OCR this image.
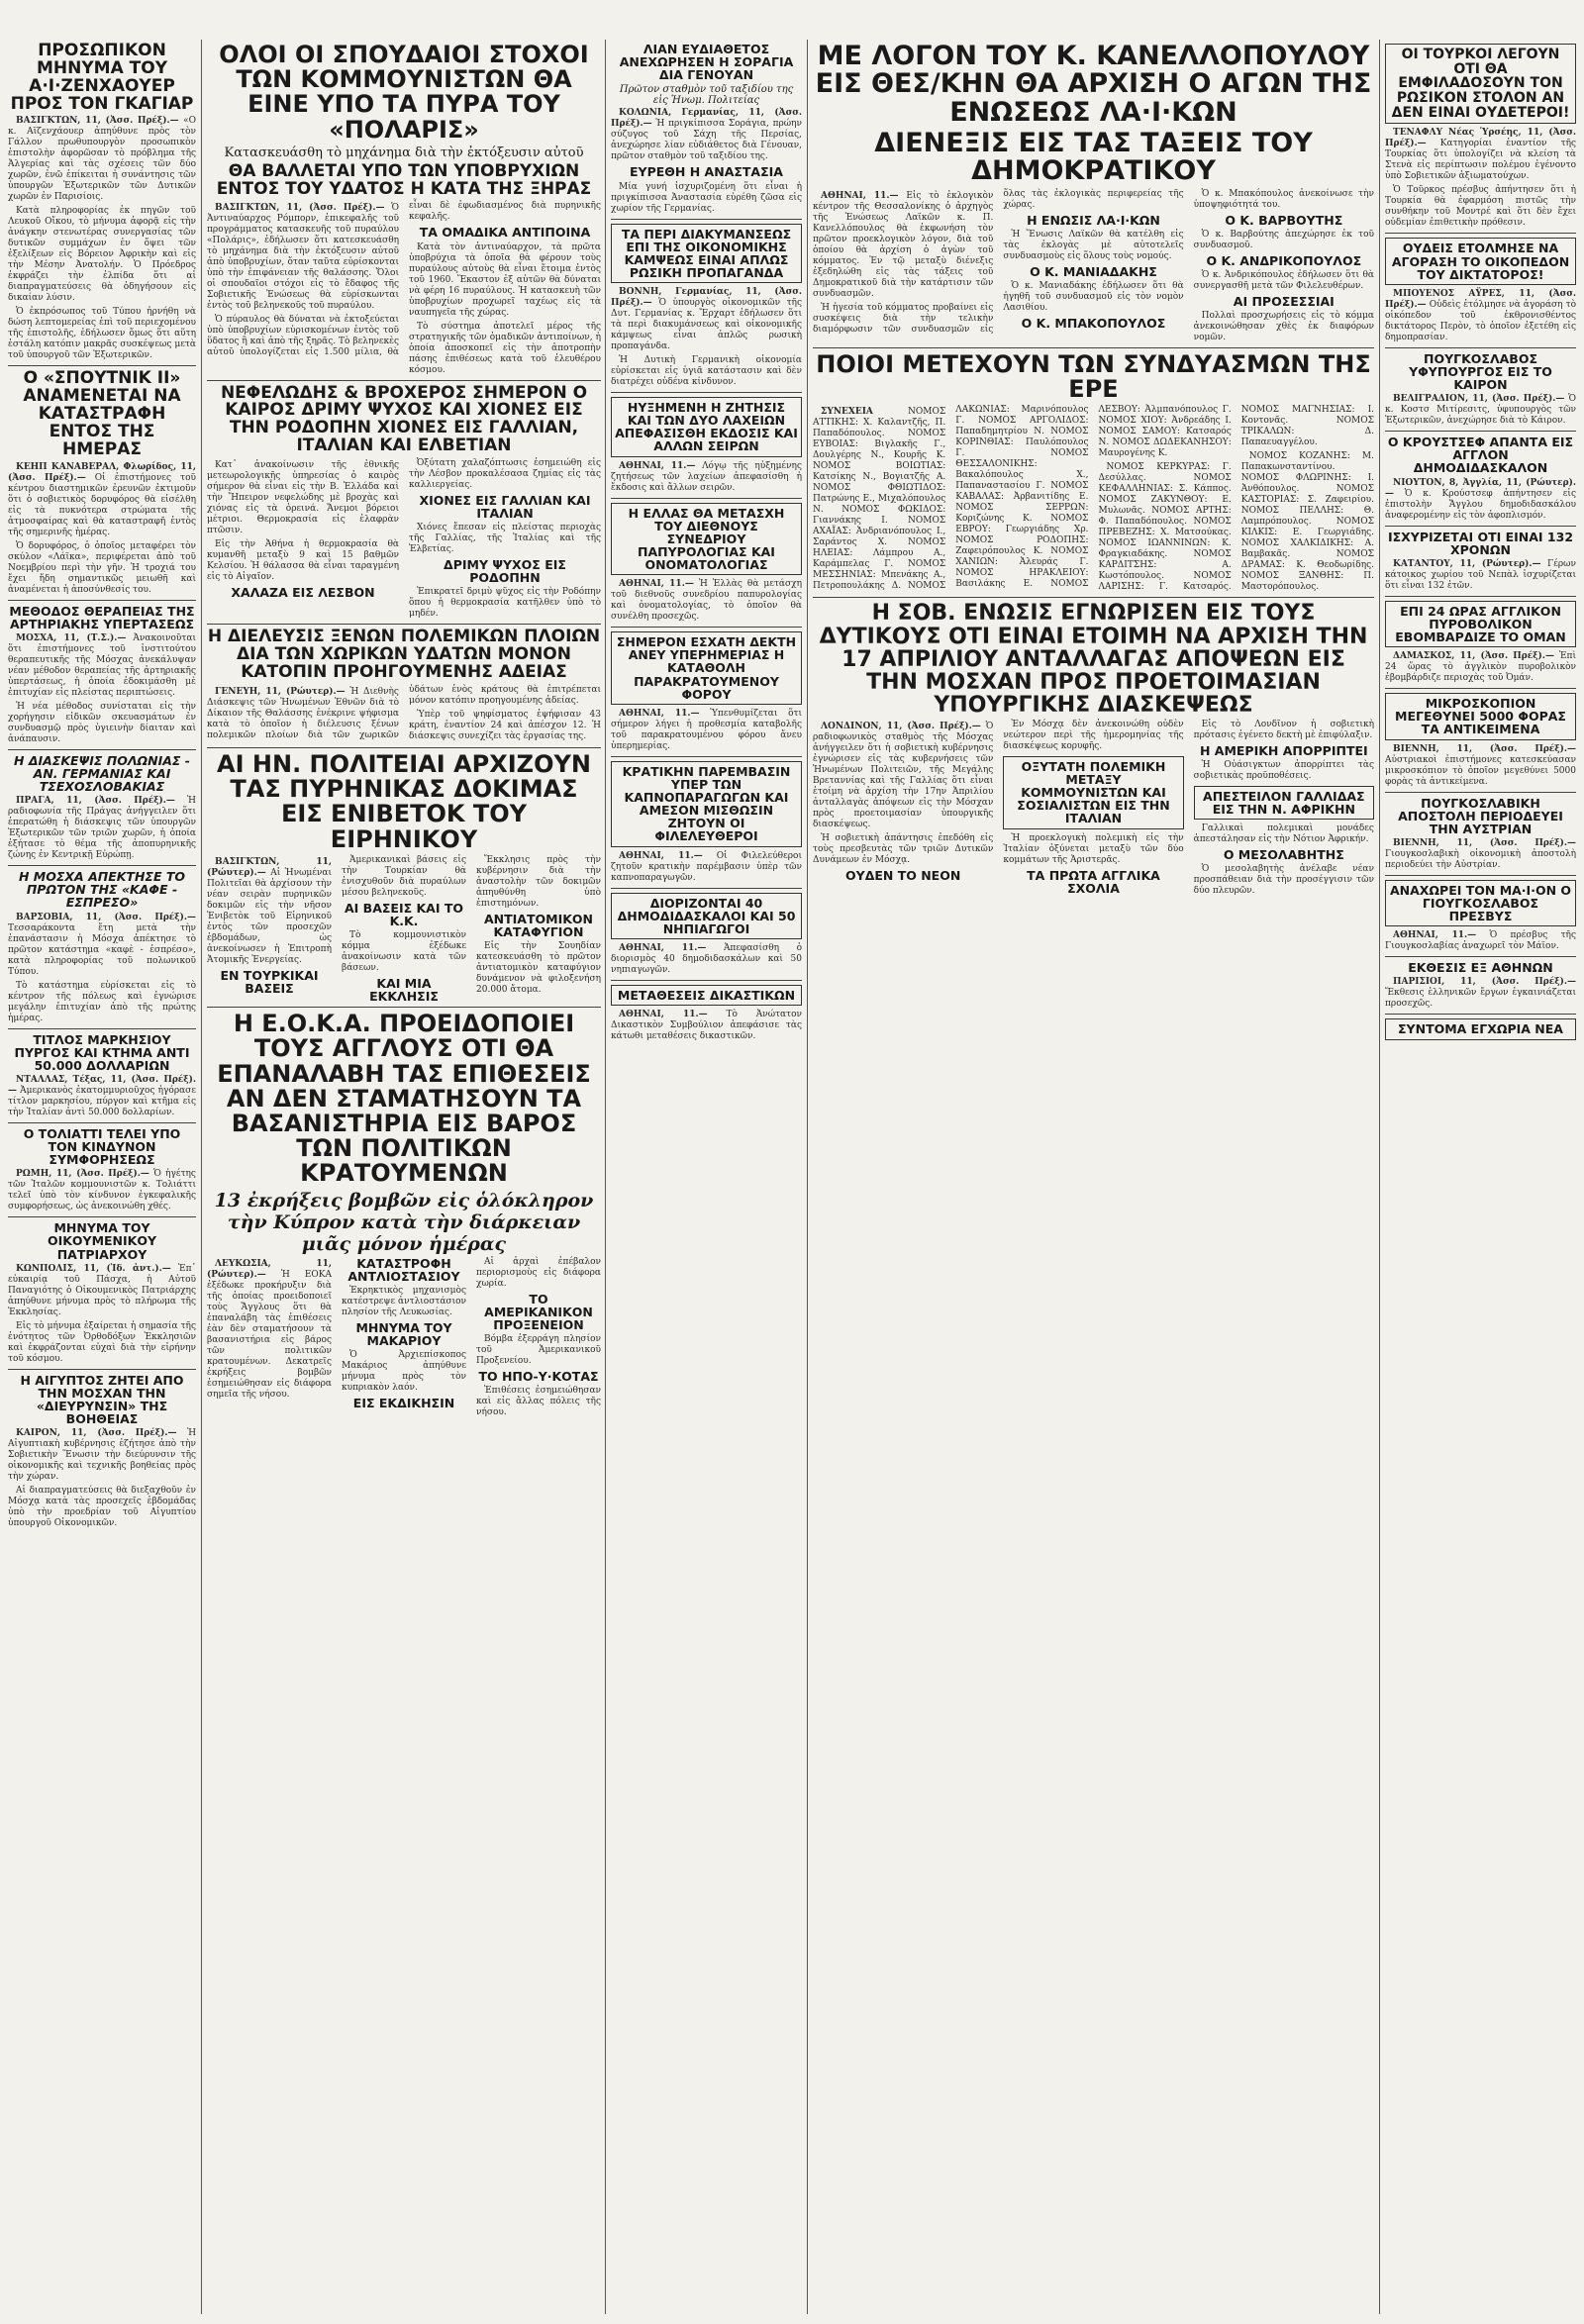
ΠΡΟΣΩΠΙΚΟΝ ΜΗΝΥΜΑ ΤΟΥ Α·Ι·ΖΕΝΧΑΟΥΕΡ ΠΡΟΣ ΤΟΝ ΓΚΑΓΙΑΡ

ΒΑΣΙΓΚΤΩΝ, 11, (Ἀσσ. Πρέξ).— «Ο κ. Αϊζενχάουερ ἀπηύθυνε πρὸς τὸν Γάλλον πρωθυπουργὸν προσωπικὸν ἐπιστολὴν ἀφορῶσαν τὸ πρόβλημα τῆς Ἀλγερίας καὶ τὰς σχέσεις τῶν δύο χωρῶν, ἐνῶ ἐπίκειται ἡ συνάντησις τῶν ὑπουργῶν Ἐξωτερικῶν τῶν Δυτικῶν χωρῶν ἐν Παρισίοις.

Κατὰ πληροφορίας ἐκ πηγῶν τοῦ Λευκοῦ Οἴκου, τὸ μήνυμα ἀφορᾷ εἰς τὴν ἀνάγκην στενωτέρας συνεργασίας τῶν δυτικῶν συμμάχων ἐν ὄψει τῶν ἐξελίξεων εἰς Βόρειον Ἀφρικὴν καὶ εἰς τὴν Μέσην Ἀνατολήν. Ὁ Πρόεδρος ἐκφράζει τὴν ἐλπίδα ὅτι αἱ διαπραγματεύσεις θὰ ὁδηγήσουν εἰς δικαίαν λύσιν.

Ὁ ἐκπρόσωπος τοῦ Τύπου ἠρνήθη νὰ δώση λεπτομερείας ἐπὶ τοῦ περιεχομένου τῆς ἐπιστολῆς, ἐδήλωσεν ὅμως ὅτι αὕτη ἐστάλη κατόπιν μακρᾶς συσκέψεως μετὰ τοῦ ὑπουργοῦ τῶν Ἐξωτερικῶν.

Ο «ΣΠΟΥΤΝΙΚ ΙΙ» ΑΝΑΜΕΝΕΤΑΙ ΝΑ ΚΑΤΑΣΤΡΑΦΗ ΕΝΤΟΣ ΤΗΣ ΗΜΕΡΑΣ

ΚΕΗΠ ΚΑΝΑΒΕΡΑΛ, Φλωρίδος, 11, (Ἀσσ. Πρέξ).— Οἱ ἐπιστήμονες τοῦ κέντρου διαστημικῶν ἐρευνῶν ἐκτιμοῦν ὅτι ὁ σοβιετικὸς δορυφόρος θὰ εἰσέλθη εἰς τὰ πυκνότερα στρώματα τῆς ἀτμοσφαίρας καὶ θὰ καταστραφῆ ἐντὸς τῆς σημερινῆς ἡμέρας.

Ὁ δορυφόρος, ὁ ὁποῖος μεταφέρει τὸν σκύλον «Λάϊκα», περιφέρεται ἀπὸ τοῦ Νοεμβρίου περὶ τὴν γῆν. Ἡ τροχιά του ἔχει ἤδη σημαντικῶς μειωθῆ καὶ ἀναμένεται ἡ ἀποσύνθεσίς του.

ΜΕΘΟΔΟΣ ΘΕΡΑΠΕΙΑΣ ΤΗΣ ΑΡΤΗΡΙΑΚΗΣ ΥΠΕΡΤΑΣΕΩΣ

ΜΟΣΧΑ, 11, (Τ.Σ.).— Ἀνακοινοῦται ὅτι ἐπιστήμονες τοῦ ἰνστιτούτου θεραπευτικῆς τῆς Μόσχας ἀνεκάλυψαν νέαν μέθοδον θεραπείας τῆς ἀρτηριακῆς ὑπερτάσεως, ἡ ὁποία ἐδοκιμάσθη μὲ ἐπιτυχίαν εἰς πλείστας περιπτώσεις.

Ἡ νέα μέθοδος συνίσταται εἰς τὴν χορήγησιν εἰδικῶν σκευασμάτων ἐν συνδυασμῷ πρὸς ὑγιεινὴν δίαιταν καὶ ἀνάπαυσιν.

Η ΔΙΑΣΚΕΨΙΣ ΠΟΛΩΝΙΑΣ - ΑΝ. ΓΕΡΜΑΝΙΑΣ ΚΑΙ ΤΣΕΧΟΣΛΟΒΑΚΙΑΣ

ΠΡΑΓΑ, 11, (Ἀσσ. Πρέξ).— Ἡ ραδιοφωνία τῆς Πράγας ἀνήγγειλεν ὅτι ἐπερατώθη ἡ διάσκεψις τῶν ὑπουργῶν Ἐξωτερικῶν τῶν τριῶν χωρῶν, ἡ ὁποία ἐξήτασε τὸ θέμα τῆς ἀποπυρηνικῆς ζώνης ἐν Κεντρικῇ Εὐρώπῃ.

Η ΜΟΣΧΑ ΑΠΕΚΤΗΣΕ ΤΟ ΠΡΩΤΟΝ ΤΗΣ «ΚΑΦΕ - ΕΣΠΡΕΣΟ»

ΒΑΡΣΟΒΙΑ, 11, (Ἀσσ. Πρέξ).— Τεσσαράκοντα ἔτη μετὰ τὴν ἐπανάστασιν ἡ Μόσχα ἀπέκτησε τὸ πρῶτον κατάστημα «καφὲ - ἐσπρέσο», κατὰ πληροφορίας τοῦ πολωνικοῦ Τύπου.

Τὸ κατάστημα εὑρίσκεται εἰς τὸ κέντρον τῆς πόλεως καὶ ἐγνώρισε μεγάλην ἐπιτυχίαν ἀπὸ τῆς πρώτης ἡμέρας.

ΤΙΤΛΟΣ ΜΑΡΚΗΣΙΟΥ ΠΥΡΓΟΣ ΚΑΙ ΚΤΗΜΑ ΑΝΤΙ 50.000 ΔΟΛΛΑΡΙΩΝ

ΝΤΑΛΛΑΣ, Τέξας, 11, (Ἀσσ. Πρέξ).— Ἀμερικανὸς ἐκατομμυριοῦχος ἠγόρασε τίτλον μαρκησίου, πύργον καὶ κτῆμα εἰς τὴν Ἰταλίαν ἀντὶ 50.000 δολλαρίων.

Ο ΤΟΛΙΑΤΤΙ ΤΕΛΕΙ ΥΠΟ ΤΟΝ ΚΙΝΔΥΝΟΝ ΣΥΜΦΟΡΗΣΕΩΣ

ΡΩΜΗ, 11, (Ἀσσ. Πρέξ).— Ὁ ἡγέτης τῶν Ἰταλῶν κομμουνιστῶν κ. Τολιάττι τελεῖ ὑπὸ τὸν κίνδυνον ἐγκεφαλικῆς συμφορήσεως, ὡς ἀνεκοινώθη χθές.

ΜΗΝΥΜΑ ΤΟΥ ΟΙΚΟΥΜΕΝΙΚΟΥ ΠΑΤΡΙΑΡΧΟΥ

ΚΩΝΠΟΛΙΣ, 11, (Ἰδ. ἀντ.).— Ἐπ᾽ εὐκαιρίᾳ τοῦ Πάσχα, ἡ Αὐτοῦ Παναγιότης ὁ Οἰκουμενικὸς Πατριάρχης ἀπηύθυνε μήνυμα πρὸς τὸ πλήρωμα τῆς Ἐκκλησίας.

Εἰς τὸ μήνυμα ἐξαίρεται ἡ σημασία τῆς ἑνότητος τῶν Ὀρθοδόξων Ἐκκλησιῶν καὶ ἐκφράζονται εὐχαὶ διὰ τὴν εἰρήνην τοῦ κόσμου.

Η ΑΙΓΥΠΤΟΣ ΖΗΤΕΙ ΑΠΟ ΤΗΝ ΜΟΣΧΑΝ ΤΗΝ «ΔΙΕΥΡΥΝΣΙΝ» ΤΗΣ ΒΟΗΘΕΙΑΣ

ΚΑΙΡΟΝ, 11, (Ἀσσ. Πρέξ).— Ἡ Αἰγυπτιακὴ κυβέρνησις ἐζήτησε ἀπὸ τὴν Σοβιετικὴν Ἕνωσιν τὴν διεύρυνσιν τῆς οἰκονομικῆς καὶ τεχνικῆς βοηθείας πρὸς τὴν χώραν.

Αἱ διαπραγματεύσεις θὰ διεξαχθοῦν ἐν Μόσχᾳ κατὰ τὰς προσεχεῖς ἑβδομάδας ὑπὸ τὴν προεδρίαν τοῦ Αἰγυπτίου ὑπουργοῦ Οἰκονομικῶν.

ΟΛΟΙ ΟΙ ΣΠΟΥΔΑΙΟΙ ΣΤΟΧΟΙ ΤΩΝ ΚΟΜΜΟΥΝΙΣΤΩΝ ΘΑ ΕΙΝΕ ΥΠΟ ΤΑ ΠΥΡΑ ΤΟΥ «ΠΟΛΑΡΙΣ»
Κατασκευάσθη τὸ μηχάνημα διὰ τὴν ἐκτόξευσιν αὐτοῦ
ΘΑ ΒΑΛΛΕΤΑΙ ΥΠΟ ΤΩΝ ΥΠΟΒΡΥΧΙΩΝ ΕΝΤΟΣ ΤΟΥ ΥΔΑΤΟΣ Η ΚΑΤΑ ΤΗΣ ΞΗΡΑΣ

ΒΑΣΙΓΚΤΩΝ, 11, (Ἀσσ. Πρέξ).— Ὁ Ἀντιναύαρχος Ρόμπορν, ἐπικεφαλῆς τοῦ προγράμματος κατασκευῆς τοῦ πυραύλου «Πολάρις», ἐδήλωσεν ὅτι κατεσκευάσθη τὸ μηχάνημα διὰ τὴν ἐκτόξευσιν αὐτοῦ ἀπὸ ὑποβρυχίων, ὅταν ταῦτα εὑρίσκονται ὑπὸ τὴν ἐπιφάνειαν τῆς θαλάσσης. Ὅλοι οἱ σπουδαῖοι στόχοι εἰς τὸ ἔδαφος τῆς Σοβιετικῆς Ἑνώσεως θὰ εὑρίσκωνται ἐντὸς τοῦ βεληνεκοῦς τοῦ πυραύλου.

Ὁ πύραυλος θὰ δύναται νὰ ἐκτοξεύεται ὑπὸ ὑποβρυχίων εὑρισκομένων ἐντὸς τοῦ ὕδατος ἢ καὶ ἀπὸ τῆς ξηρᾶς. Τὸ βεληνεκὲς αὐτοῦ ὑπολογίζεται εἰς 1.500 μίλια, θὰ εἶναι δὲ ἐφωδιασμένος διὰ πυρηνικῆς κεφαλῆς.

ΤΑ ΟΜΑΔΙΚΑ ΑΝΤΙΠΟΙΝΑ

Κατὰ τὸν ἀντιναύαρχον, τὰ πρῶτα ὑποβρύχια τὰ ὁποῖα θὰ φέρουν τοὺς πυραύλους αὐτοὺς θὰ εἶναι ἕτοιμα ἐντὸς τοῦ 1960. Ἕκαστον ἐξ αὐτῶν θὰ δύναται νὰ φέρη 16 πυραύλους. Ἡ κατασκευὴ τῶν ὑποβρυχίων προχωρεῖ ταχέως εἰς τὰ ναυπηγεῖα τῆς χώρας.

Τὸ σύστημα ἀποτελεῖ μέρος τῆς στρατηγικῆς τῶν ὁμαδικῶν ἀντιποίνων, ἡ ὁποία ἀποσκοπεῖ εἰς τὴν ἀποτροπὴν πάσης ἐπιθέσεως κατὰ τοῦ ἐλευθέρου κόσμου.

ΝΕΦΕΛΩΔΗΣ & ΒΡΟΧΕΡΟΣ ΣΗΜΕΡΟΝ Ο ΚΑΙΡΟΣ ΔΡΙΜΥ ΨΥΧΟΣ ΚΑΙ ΧΙΟΝΕΣ ΕΙΣ ΤΗΝ ΡΟΔΟΠΗΝ ΧΙΟΝΕΣ ΕΙΣ ΓΑΛΛΙΑΝ, ΙΤΑΛΙΑΝ ΚΑΙ ΕΛΒΕΤΙΑΝ

Κατ᾽ ἀνακοίνωσιν τῆς ἐθνικῆς μετεωρολογικῆς ὑπηρεσίας ὁ καιρὸς σήμερον θὰ εἶναι εἰς τὴν Β. Ἑλλάδα καὶ τὴν Ἤπειρον νεφελώδης μὲ βροχὰς καὶ χιόνας εἰς τὰ ὀρεινά. Ἄνεμοι βόρειοι μέτριοι. Θερμοκρασία εἰς ἐλαφρὰν πτῶσιν.

Εἰς τὴν Ἀθήνα ἡ θερμοκρασία θὰ κυμανθῆ μεταξὺ 9 καὶ 15 βαθμῶν Κελσίου. Ἡ θάλασσα θὰ εἶναι ταραγμένη εἰς τὸ Αἰγαῖον.

ΧΑΛΑΖΑ ΕΙΣ ΛΕΣΒΟΝ

Ὀξύτατη χαλαζόπτωσις ἐσημειώθη εἰς τὴν Λέσβον προκαλέσασα ζημίας εἰς τὰς καλλιεργείας.

ΧΙΟΝΕΣ ΕΙΣ ΓΑΛΛΙΑΝ ΚΑΙ ΙΤΑΛΙΑΝ

Χιόνες ἔπεσαν εἰς πλείστας περιοχὰς τῆς Γαλλίας, τῆς Ἰταλίας καὶ τῆς Ἑλβετίας.

ΔΡΙΜΥ ΨΥΧΟΣ ΕΙΣ ΡΟΔΟΠΗΝ

Ἐπικρατεῖ δριμὺ ψῦχος εἰς τὴν Ροδόπην ὅπου ἡ θερμοκρασία κατῆλθεν ὑπὸ τὸ μηδέν.

Η ΔΙΕΛΕΥΣΙΣ ΞΕΝΩΝ ΠΟΛΕΜΙΚΩΝ ΠΛΟΙΩΝ ΔΙΑ ΤΩΝ ΧΩΡΙΚΩΝ ΥΔΑΤΩΝ ΜΟΝΟΝ ΚΑΤΟΠΙΝ ΠΡΟΗΓΟΥΜΕΝΗΣ ΑΔΕΙΑΣ

ΓΕΝΕΥΗ, 11, (Ρώυτερ).— Ἡ Διεθνὴς Διάσκεψις τῶν Ἡνωμένων Ἐθνῶν διὰ τὸ Δίκαιον τῆς Θαλάσσης ἐνέκρινε ψήφισμα κατὰ τὸ ὁποῖον ἡ διέλευσις ξένων πολεμικῶν πλοίων διὰ τῶν χωρικῶν ὑδάτων ἑνὸς κράτους θὰ ἐπιτρέπεται μόνον κατόπιν προηγουμένης ἀδείας.

Ὑπὲρ τοῦ ψηφίσματος ἐψήφισαν 43 κράτη, ἐναντίον 24 καὶ ἀπέσχον 12. Ἡ διάσκεψις συνεχίζει τὰς ἐργασίας της.

ΑΙ ΗΝ. ΠΟΛΙΤΕΙΑΙ ΑΡΧΙΖΟΥΝ ΤΑΣ ΠΥΡΗΝΙΚΑΣ ΔΟΚΙΜΑΣ ΕΙΣ ΕΝΙΒΕΤΟΚ ΤΟΥ ΕΙΡΗΝΙΚΟΥ

ΒΑΣΙΓΚΤΩΝ, 11, (Ρώυτερ).— Αἱ Ἡνωμέναι Πολιτεῖαι θὰ ἀρχίσουν τὴν νέαν σειρὰν πυρηνικῶν δοκιμῶν εἰς τὴν νῆσον Ἐνιβετὸκ τοῦ Εἰρηνικοῦ ἐντὸς τῶν προσεχῶν ἑβδομάδων, ὡς ἀνεκοίνωσεν ἡ Ἐπιτροπὴ Ἀτομικῆς Ἐνεργείας.

ΕΝ ΤΟΥΡΚΙΚΑΙ ΒΑΣΕΙΣ

Ἀμερικανικαὶ βάσεις εἰς τὴν Τουρκίαν θὰ ἐνισχυθοῦν διὰ πυραύλων μέσου βεληνεκοῦς.

ΑΙ ΒΑΣΕΙΣ ΚΑΙ ΤΟ Κ.Κ.

Τὸ κομμουνιστικὸν κόμμα ἐξέδωκε ἀνακοίνωσιν κατὰ τῶν βάσεων.

ΚΑΙ ΜΙΑ ΕΚΚΛΗΣΙΣ

Ἔκκλησις πρὸς τὴν κυβέρνησιν διὰ τὴν ἀναστολὴν τῶν δοκιμῶν ἀπηυθύνθη ὑπὸ ἐπιστημόνων.

ΑΝΤΙΑΤΟΜΙΚΟΝ ΚΑΤΑΦΥΓΙΟΝ

Εἰς τὴν Σουηδίαν κατεσκευάσθη τὸ πρῶτον ἀντιατομικὸν καταφύγιον δυνάμενον νὰ φιλοξενήση 20.000 ἄτομα.

Η Ε.Ο.Κ.Α. ΠΡΟΕΙΔΟΠΟΙΕΙ ΤΟΥΣ ΑΓΓΛΟΥΣ ΟΤΙ ΘΑ ΕΠΑΝΑΛΑΒΗ ΤΑΣ ΕΠΙΘΕΣΕΙΣ ΑΝ ΔΕΝ ΣΤΑΜΑΤΗΣΟΥΝ ΤΑ ΒΑΣΑΝΙΣΤΗΡΙΑ ΕΙΣ ΒΑΡΟΣ ΤΩΝ ΠΟΛΙΤΙΚΩΝ ΚΡΑΤΟΥΜΕΝΩΝ
13 ἐκρήξεις βομβῶν εἰς ὁλόκληρον τὴν Κύπρον κατὰ τὴν διάρκειαν μιᾶς μόνον ἡμέρας

ΛΕΥΚΩΣΙΑ, 11, (Ρώυτερ).— Ἡ ΕΟΚΑ ἐξέδωκε προκήρυξιν διὰ τῆς ὁποίας προειδοποιεῖ τοὺς Ἄγγλους ὅτι θὰ ἐπαναλάβη τὰς ἐπιθέσεις ἐὰν δὲν σταματήσουν τὰ βασανιστήρια εἰς βάρος τῶν πολιτικῶν κρατουμένων. Δεκατρεῖς ἐκρήξεις βομβῶν ἐσημειώθησαν εἰς διάφορα σημεῖα τῆς νήσου.

ΚΑΤΑΣΤΡΟΦΗ ΑΝΤΛΙΟΣΤΑΣΙΟΥ

Ἐκρηκτικὸς μηχανισμὸς κατέστρεψε ἀντλιοστάσιον πλησίον τῆς Λευκωσίας.

ΜΗΝΥΜΑ ΤΟΥ ΜΑΚΑΡΙΟΥ

Ὁ Ἀρχιεπίσκοπος Μακάριος ἀπηύθυνε μήνυμα πρὸς τὸν κυπριακὸν λαόν.

ΕΙΣ ΕΚΔΙΚΗΣΙΝ

Αἱ ἀρχαὶ ἐπέβαλον περιορισμοὺς εἰς διάφορα χωρία.

ΤΟ ΑΜΕΡΙΚΑΝΙΚΟΝ ΠΡΟΞΕΝΕΙΟΝ

Βόμβα ἐξερράγη πλησίον τοῦ Ἀμερικανικοῦ Προξενείου.

ΤΟ ΗΠΟ-Υ·ΚΟΤΑΣ

Ἐπιθέσεις ἐσημειώθησαν καὶ εἰς ἄλλας πόλεις τῆς νήσου.

ΛΙΑΝ ΕΥΔΙΑΘΕΤΟΣ ΑΝΕΧΩΡΗΣΕΝ Η ΣΟΡΑΓΙΑ ΔΙΑ ΓΕΝΟΥΑΝ
Πρῶτον σταθμὸν τοῦ ταξιδίου της εἰς Ἡνωμ. Πολιτείας

ΚΟΛΩΝΙΑ, Γερμανίας, 11, (Ἀσσ. Πρέξ).— Ἡ πριγκίπισσα Σοράγια, πρώην σύζυγος τοῦ Σάχη τῆς Περσίας, ἀνεχώρησε λίαν εὐδιάθετος διὰ Γένουαν, πρῶτον σταθμὸν τοῦ ταξιδίου της.

ΕΥΡΕΘΗ Η ΑΝΑΣΤΑΣΙΑ

Μία γυνή ἰσχυριζομένη ὅτι εἶναι ἡ πριγκίπισσα Ἀναστασία εὑρέθη ζῶσα εἰς χωρίον τῆς Γερμανίας.

ΤΑ ΠΕΡΙ ΔΙΑΚΥΜΑΝΣΕΩΣ ΕΠΙ ΤΗΣ ΟΙΚΟΝΟΜΙΚΗΣ ΚΑΜΨΕΩΣ ΕΙΝΑΙ ΑΠΛΩΣ ΡΩΣΙΚΗ ΠΡΟΠΑΓΑΝΔΑ

ΒΟΝΝΗ, Γερμανίας, 11, (Ἀσσ. Πρέξ).— Ὁ ὑπουργὸς οἰκονομικῶν τῆς Δυτ. Γερμανίας κ. Ἔρχαρτ ἐδήλωσεν ὅτι τὰ περὶ διακυμάνσεως καὶ οἰκονομικῆς κάμψεως εἶναι ἁπλῶς ρωσικὴ προπαγάνδα.

Ἡ Δυτικὴ Γερμανικὴ οἰκονομία εὑρίσκεται εἰς ὑγιᾶ κατάστασιν καὶ δὲν διατρέχει οὐδένα κίνδυνον.

ΗΥΞΗΜΕΝΗ Η ΖΗΤΗΣΙΣ ΚΑΙ ΤΩΝ ΔΥΟ ΛΑΧΕΙΩΝ ΑΠΕΦΑΣΙΣΘΗ ΕΚΔΟΣΙΣ ΚΑΙ ΑΛΛΩΝ ΣΕΙΡΩΝ

ΑΘΗΝΑΙ, 11.— Λόγῳ τῆς ηὐξημένης ζητήσεως τῶν λαχείων ἀπεφασίσθη ἡ ἔκδοσις καὶ ἄλλων σειρῶν.

Η ΕΛΛΑΣ ΘΑ ΜΕΤΑΣΧΗ ΤΟΥ ΔΙΕΘΝΟΥΣ ΣΥΝΕΔΡΙΟΥ ΠΑΠΥΡΟΛΟΓΙΑΣ ΚΑΙ ΟΝΟΜΑΤΟΛΟΓΙΑΣ

ΑΘΗΝΑΙ, 11.— Ἡ Ἑλλὰς θὰ μετάσχη τοῦ διεθνοῦς συνεδρίου παπυρολογίας καὶ ὀνοματολογίας, τὸ ὁποῖον θὰ συνέλθη προσεχῶς.

ΣΗΜΕΡΟΝ ΕΣΧΑΤΗ ΔΕΚΤΗ ΑΝΕΥ ΥΠΕΡΗΜΕΡΙΑΣ Η ΚΑΤΑΘΟΛΗ ΠΑΡΑΚΡΑΤΟΥΜΕΝΟΥ ΦΟΡΟΥ

ΑΘΗΝΑΙ, 11.— Ὑπενθυμίζεται ὅτι σήμερον λήγει ἡ προθεσμία καταβολῆς τοῦ παρακρατουμένου φόρου ἄνευ ὑπερημερίας.

ΚΡΑΤΙΚΗΝ ΠΑΡΕΜΒΑΣΙΝ ΥΠΕΡ ΤΩΝ ΚΑΠΝΟΠΑΡΑΓΩΓΩΝ ΚΑΙ ΑΜΕΣΟΝ ΜΙΣΘΩΣΙΝ ΖΗΤΟΥΝ ΟΙ ΦΙΛΕΛΕΥΘΕΡΟΙ

ΑΘΗΝΑΙ, 11.— Οἱ Φιλελεύθεροι ζητοῦν κρατικὴν παρέμβασιν ὑπὲρ τῶν καπνοπαραγωγῶν.

ΔΙΟΡΙΖΟΝΤΑΙ 40 ΔΗΜΟΔΙΔΑΣΚΑΛΟΙ ΚΑΙ 50 ΝΗΠΙΑΓΩΓΟΙ

ΑΘΗΝΑΙ, 11.— Ἀπεφασίσθη ὁ διορισμὸς 40 δημοδιδασκάλων καὶ 50 νηπιαγωγῶν.

ΜΕΤΑΘΕΣΕΙΣ ΔΙΚΑΣΤΙΚΩΝ

ΑΘΗΝΑΙ, 11.— Τὸ Ἀνώτατον Δικαστικὸν Συμβούλιον ἀπεφάσισε τὰς κάτωθι μεταθέσεις δικαστικῶν.

ΜΕ ΛΟΓΟΝ ΤΟΥ Κ. ΚΑΝΕΛΛΟΠΟΥΛΟΥ ΕΙΣ ΘΕΣ/ΚΗΝ ΘΑ ΑΡΧΙΣΗ Ο ΑΓΩΝ ΤΗΣ ΕΝΩΣΕΩΣ ΛΑ·Ι·ΚΩΝ
ΔΙΕΝΕΞΙΣ ΕΙΣ ΤΑΣ ΤΑΞΕΙΣ ΤΟΥ ΔΗΜΟΚΡΑΤΙΚΟΥ

ΑΘΗΝΑΙ, 11.— Εἰς τὸ ἐκλογικὸν κέντρον τῆς Θεσσαλονίκης ὁ ἀρχηγὸς τῆς Ἑνώσεως Λαϊκῶν κ. Π. Κανελλόπουλος θὰ ἐκφωνήση τὸν πρῶτον προεκλογικὸν λόγον, διὰ τοῦ ὁποίου θὰ ἀρχίση ὁ ἀγὼν τοῦ κόμματος. Ἐν τῷ μεταξὺ διένεξις ἐξεδηλώθη εἰς τὰς τάξεις τοῦ Δημοκρατικοῦ διὰ τὴν κατάρτισιν τῶν συνδυασμῶν.

Ἡ ἡγεσία τοῦ κόμματος προβαίνει εἰς συσκέψεις διὰ τὴν τελικὴν διαμόρφωσιν τῶν συνδυασμῶν εἰς ὅλας τὰς ἐκλογικὰς περιφερείας τῆς χώρας.

Η ΕΝΩΣΙΣ ΛΑ·Ι·ΚΩΝ

Ἡ Ἕνωσις Λαϊκῶν θὰ κατέλθη εἰς τὰς ἐκλογὰς μὲ αὐτοτελεῖς συνδυασμοὺς εἰς ὅλους τοὺς νομούς.

Ο Κ. ΜΑΝΙΑΔΑΚΗΣ

Ὁ κ. Μανιαδάκης ἐδήλωσεν ὅτι θὰ ἡγηθῆ τοῦ συνδυασμοῦ εἰς τὸν νομὸν Λασιθίου.

Ο Κ. ΜΠΑΚΟΠΟΥΛΟΣ

Ὁ κ. Μπακόπουλος ἀνεκοίνωσε τὴν ὑποψηφιότητά του.

Ο Κ. ΒΑΡΒΟΥΤΗΣ

Ὁ κ. Βαρβούτης ἀπεχώρησε ἐκ τοῦ συνδυασμοῦ.

Ο Κ. ΑΝΔΡΙΚΟΠΟΥΛΟΣ

Ὁ κ. Ἀνδρικόπουλος ἐδήλωσεν ὅτι θὰ συνεργασθῆ μετὰ τῶν Φιλελευθέρων.

ΑΙ ΠΡΟΣΕΣΣΙΑΙ

Πολλαὶ προσχωρήσεις εἰς τὸ κόμμα ἀνεκοινώθησαν χθὲς ἐκ διαφόρων νομῶν.

ΠΟΙΟΙ ΜΕΤΕΧΟΥΝ ΤΩΝ ΣΥΝΔΥΑΣΜΩΝ ΤΗΣ ΕΡΕ

ΣΥΝΕΧΕΙΑ	ΝΟΜΟΣ ΑΤΤΙΚΗΣ: Χ. Καλαντζῆς, Π. Παπαδόπουλος. ΝΟΜΟΣ ΕΥΒΟΙΑΣ: Βιγλακῆς Γ., Δουλγέρης Ν., Κουρῆς Κ. ΝΟΜΟΣ ΒΟΙΩΤΙΑΣ: Κατσίκης Ν., Βογιατζῆς Α. ΝΟΜΟΣ ΦΘΙΩΤΙΔΟΣ: Πατρώνης Ε., Μιχαλόπουλος Ν. ΝΟΜΟΣ ΦΩΚΙΔΟΣ: Γιαννάκης Ι. ΝΟΜΟΣ ΑΧΑΪΑΣ: Ἀνδριανόπουλος Ι., Σαράντος Χ. ΝΟΜΟΣ ΗΛΕΙΑΣ: Λάμπρου Α., Καράμπελας Γ. ΝΟΜΟΣ ΜΕΣΣΗΝΙΑΣ: Μπενάκης Α., Πετροπουλάκης Δ. ΝΟΜΟΣ ΛΑΚΩΝΙΑΣ: Μαρινόπουλος Γ. ΝΟΜΟΣ ΑΡΓΟΛΙΔΟΣ: Παπαδημητρίου Ν. ΝΟΜΟΣ ΚΟΡΙΝΘΙΑΣ: Παυλόπουλος Γ. ΝΟΜΟΣ ΘΕΣΣΑΛΟΝΙΚΗΣ: Βακαλόπουλος Χ., Παπαναστασίου Γ. ΝΟΜΟΣ ΚΑΒΑΛΑΣ: Ἀρβανιτίδης Ε. ΝΟΜΟΣ ΣΕΡΡΩΝ: Κοριζώνης Κ. ΝΟΜΟΣ ΕΒΡΟΥ: Γεωργιάδης Χρ. ΝΟΜΟΣ ΡΟΔΟΠΗΣ: Ζαφειρόπουλος Κ. ΝΟΜΟΣ ΧΑΝΙΩΝ: Ἀλευράς Γ. ΝΟΜΟΣ ΗΡΑΚΛΕΙΟΥ: Βασιλάκης Ε. ΝΟΜΟΣ ΛΕΣΒΟΥ: Ἀλμπανόπουλος Γ. ΝΟΜΟΣ ΧΙΟΥ: Ἀνδρεάδης Ι. ΝΟΜΟΣ ΣΑΜΟΥ: Κατσαρός Ν. ΝΟΜΟΣ ΔΩΔΕΚΑΝΗΣΟΥ: Μαυρογένης Κ.

ΝΟΜΟΣ ΚΕΡΚΥΡΑΣ: Γ. Δεσύλλας. ΝΟΜΟΣ ΚΕΦΑΛΛΗΝΙΑΣ: Σ. Κάππος. ΝΟΜΟΣ ΖΑΚΥΝΘΟΥ: Ε. Μυλωνᾶς. ΝΟΜΟΣ ΑΡΤΗΣ: Φ. Παπαδόπουλος. ΝΟΜΟΣ ΠΡΕΒΕΖΗΣ: Χ. Ματσούκας. ΝΟΜΟΣ ΙΩΑΝΝΙΝΩΝ: Κ. Φραγκιαδάκης. ΝΟΜΟΣ ΚΑΡΔΙΤΣΗΣ: Α. Κωστόπουλος. ΝΟΜΟΣ ΛΑΡΙΣΗΣ: Γ. Κατσαρός. ΝΟΜΟΣ ΜΑΓΝΗΣΙΑΣ: Ι. Κοντονᾶς. ΝΟΜΟΣ ΤΡΙΚΑΛΩΝ: Δ. Παπαευαγγέλου.

ΝΟΜΟΣ ΚΟΖΑΝΗΣ: Μ. Παπακωνσταντίνου. ΝΟΜΟΣ ΦΛΩΡΙΝΗΣ: Ι. Ἀνθόπουλος. ΝΟΜΟΣ ΚΑΣΤΟΡΙΑΣ: Σ. Ζαφειρίου. ΝΟΜΟΣ ΠΕΛΛΗΣ: Θ. Λαμπρόπουλος. ΝΟΜΟΣ ΚΙΛΚΙΣ: Ε. Γεωργιάδης. ΝΟΜΟΣ ΧΑΛΚΙΔΙΚΗΣ: Α. Βαμβακᾶς. ΝΟΜΟΣ ΔΡΑΜΑΣ: Κ. Θεοδωρίδης. ΝΟΜΟΣ ΞΑΝΘΗΣ: Π. Μαστορόπουλος.

Η ΣΟΒ. ΕΝΩΣΙΣ ΕΓΝΩΡΙΣΕΝ ΕΙΣ ΤΟΥΣ ΔΥΤΙΚΟΥΣ ΟΤΙ ΕΙΝΑΙ ΕΤΟΙΜΗ ΝΑ ΑΡΧΙΣΗ ΤΗΝ 17 ΑΠΡΙΛΙΟΥ ΑΝΤΑΛΛΑΓΑΣ ΑΠΟΨΕΩΝ ΕΙΣ ΤΗΝ ΜΟΣΧΑΝ ΠΡΟΣ ΠΡΟΕΤΟΙΜΑΣΙΑΝ ΥΠΟΥΡΓΙΚΗΣ ΔΙΑΣΚΕΨΕΩΣ

ΛΟΝΔΙΝΟΝ, 11, (Ἀσσ. Πρέξ).— Ὁ ραδιοφωνικὸς σταθμὸς τῆς Μόσχας ἀνήγγειλεν ὅτι ἡ σοβιετικὴ κυβέρνησις ἐγνώρισεν εἰς τὰς κυβερνήσεις τῶν Ἡνωμένων Πολιτειῶν, τῆς Μεγάλης Βρεταννίας καὶ τῆς Γαλλίας ὅτι εἶναι ἑτοίμη νὰ ἀρχίση τὴν 17ην Ἀπριλίου ἀνταλλαγὰς ἀπόψεων εἰς τὴν Μόσχαν πρὸς προετοιμασίαν ὑπουργικῆς διασκέψεως.

Ἡ σοβιετικὴ ἀπάντησις ἐπεδόθη εἰς τοὺς πρεσβευτὰς τῶν τριῶν Δυτικῶν Δυνάμεων ἐν Μόσχᾳ.

ΟΥΔΕΝ ΤΟ ΝΕΟΝ

Ἐν Μόσχᾳ δὲν ἀνεκοινώθη οὐδὲν νεώτερον περὶ τῆς ἡμερομηνίας τῆς διασκέψεως κορυφῆς.

ΟΞΥΤΑΤΗ ΠΟΛΕΜΙΚΗ ΜΕΤΑΞΥ ΚΟΜΜΟΥΝΙΣΤΩΝ ΚΑΙ ΣΟΣΙΑΛΙΣΤΩΝ ΕΙΣ ΤΗΝ ΙΤΑΛΙΑΝ

Ἡ προεκλογικὴ πολεμικὴ εἰς τὴν Ἰταλίαν ὀξύνεται μεταξὺ τῶν δύο κομμάτων τῆς Ἀριστερᾶς.

ΤΑ ΠΡΩΤΑ ΑΓΓΛΙΚΑ ΣΧΟΛΙΑ

Εἰς τὸ Λονδῖνον ἡ σοβιετικὴ πρότασις ἐγένετο δεκτὴ μὲ ἐπιφύλαξιν.

Η ΑΜΕΡΙΚΗ ΑΠΟΡΡΙΠΤΕΙ

Ἡ Οὐάσιγκτων ἀπορρίπτει τὰς σοβιετικὰς προϋποθέσεις.

ΑΠΕΣΤΕΙΛΟΝ ΓΑΛΛΙΔΑΣ ΕΙΣ ΤΗΝ Ν. ΑΦΡΙΚΗΝ

Γαλλικαὶ πολεμικαὶ μονάδες ἀπεστάλησαν εἰς τὴν Νότιον Ἀφρικήν.

Ο ΜΕΣΟΛΑΒΗΤΗΣ

Ὁ μεσολαβητὴς ἀνέλαβε νέαν προσπάθειαν διὰ τὴν προσέγγισιν τῶν δύο πλευρῶν.

ΟΙ ΤΟΥΡΚΟΙ ΛΕΓΟΥΝ ΟΤΙ ΘΑ ΕΜΦΙΛΑΔΟΣΟΥΝ ΤΟΝ ΡΩΣΙΚΟΝ ΣΤΟΛΟΝ ΑΝ ΔΕΝ ΕΙΝΑΙ ΟΥΔΕΤΕΡΟΙ!

ΤΕΝΑΦΛΥ Νέας Ὑρσέης, 11, (Ἀσσ. Πρέξ).— Κατηγορίαι ἐναντίον τῆς Τουρκίας ὅτι ὑπολογίζει νὰ κλείση τὰ Στενὰ εἰς περίπτωσιν πολέμου ἐγένοντο ὑπὸ Σοβιετικῶν ἀξιωματούχων.

Ὁ Τοῦρκος πρέσβυς ἀπήντησεν ὅτι ἡ Τουρκία θὰ ἐφαρμόση πιστῶς τὴν συνθήκην τοῦ Μοντρέ καὶ ὅτι δὲν ἔχει οὐδεμίαν ἐπιθετικὴν πρόθεσιν.

ΟΥΔΕΙΣ ΕΤΟΛΜΗΣΕ ΝΑ ΑΓΟΡΑΣΗ ΤΟ ΟΙΚΟΠΕΔΟΝ ΤΟΥ ΔΙΚΤΑΤΟΡΟΣ!

ΜΠΟΥΕΝΟΣ ΑΫΡΕΣ, 11, (Ἀσσ. Πρέξ).— Οὐδεὶς ἐτόλμησε νὰ ἀγοράση τὸ οἰκόπεδον τοῦ ἐκθρονισθέντος δικτάτορος Περὸν, τὸ ὁποῖον ἐξετέθη εἰς δημοπρασίαν.

ΠΟΥΓΚΟΣΛΑΒΟΣ ΥΦΥΠΟΥΡΓΟΣ ΕΙΣ ΤΟ ΚΑΙΡΟΝ

ΒΕΛΙΓΡΑΔΙΟΝ, 11, (Ἀσσ. Πρέξ).— Ὁ κ. Κοστσ Μιτίρεσιτς, ὑφυπουργὸς τῶν Ἐξωτερικῶν, ἀνεχώρησε διὰ τὸ Κάιρον.

Ο ΚΡΟΥΣΤΣΕΦ ΑΠΑΝΤΑ ΕΙΣ ΑΓΓΛΟΝ ΔΗΜΟΔΙΔΑΣΚΑΛΟΝ

ΝΙΟΥΤΟΝ, 8, Ἀγγλία, 11, (Ρώυτερ).— Ὁ κ. Κρούστσεφ ἀπήντησεν εἰς ἐπιστολὴν Ἄγγλου δημοδιδασκάλου ἀναφερομένην εἰς τὸν ἀφοπλισμόν.

ΙΣΧΥΡΙΖΕΤΑΙ ΟΤΙ ΕΙΝΑΙ 132 ΧΡΟΝΩΝ

ΚΑΤΑΝΤΟΥ, 11, (Ρώυτερ).— Γέρων κάτοικος χωρίου τοῦ Νεπὰλ ἰσχυρίζεται ὅτι εἶναι 132 ἐτῶν.

ΕΠΙ 24 ΩΡΑΣ ΑΓΓΛΙΚΟΝ ΠΥΡΟΒΟΛΙΚΟΝ ΕΒΟΜΒΑΡΔΙΖΕ ΤΟ ΟΜΑΝ

ΔΑΜΑΣΚΟΣ, 11, (Ἀσσ. Πρέξ).— Ἐπὶ 24 ὥρας τὸ ἀγγλικὸν πυροβολικὸν ἐβομβάρδιζε περιοχὰς τοῦ Ὀμάν.

ΜΙΚΡΟΣΚΟΠΙΟΝ ΜΕΓΕΘΥΝΕΙ 5000 ΦΟΡΑΣ ΤΑ ΑΝΤΙΚΕΙΜΕΝΑ

ΒΙΕΝΝΗ, 11, (Ἀσσ. Πρέξ).— Αὐστριακοὶ ἐπιστήμονες κατεσκεύασαν μικροσκόπιον τὸ ὁποῖον μεγεθύνει 5000 φορὰς τὰ ἀντικείμενα.

ΠΟΥΓΚΟΣΛΑΒΙΚΗ ΑΠΟΣΤΟΛΗ ΠΕΡΙΟΔΕΥΕΙ ΤΗΝ ΑΥΣΤΡΙΑΝ

ΒΙΕΝΝΗ, 11, (Ἀσσ. Πρέξ).— Γιουγκοσλαβικὴ οἰκονομικὴ ἀποστολὴ περιοδεύει τὴν Αὐστρίαν.

ΑΝΑΧΩΡΕΙ ΤΟΝ ΜΑ·Ι·ΟΝ Ο ΓΙΟΥΓΚΟΣΛΑΒΟΣ ΠΡΕΣΒΥΣ

ΑΘΗΝΑΙ, 11.— Ὁ πρέσβυς τῆς Γιουγκοσλαβίας ἀναχωρεῖ τὸν Μάϊον.

ΕΚΘΕΣΙΣ ΕΞ ΑΘΗΝΩΝ

ΠΑΡΙΣΙΟΙ, 11, (Ἀσσ. Πρέξ).— Ἔκθεσις ἑλληνικῶν ἔργων ἐγκαινιάζεται προσεχῶς.

ΣΥΝΤΟΜΑ ΕΓΧΩΡΙΑ ΝΕΑ
